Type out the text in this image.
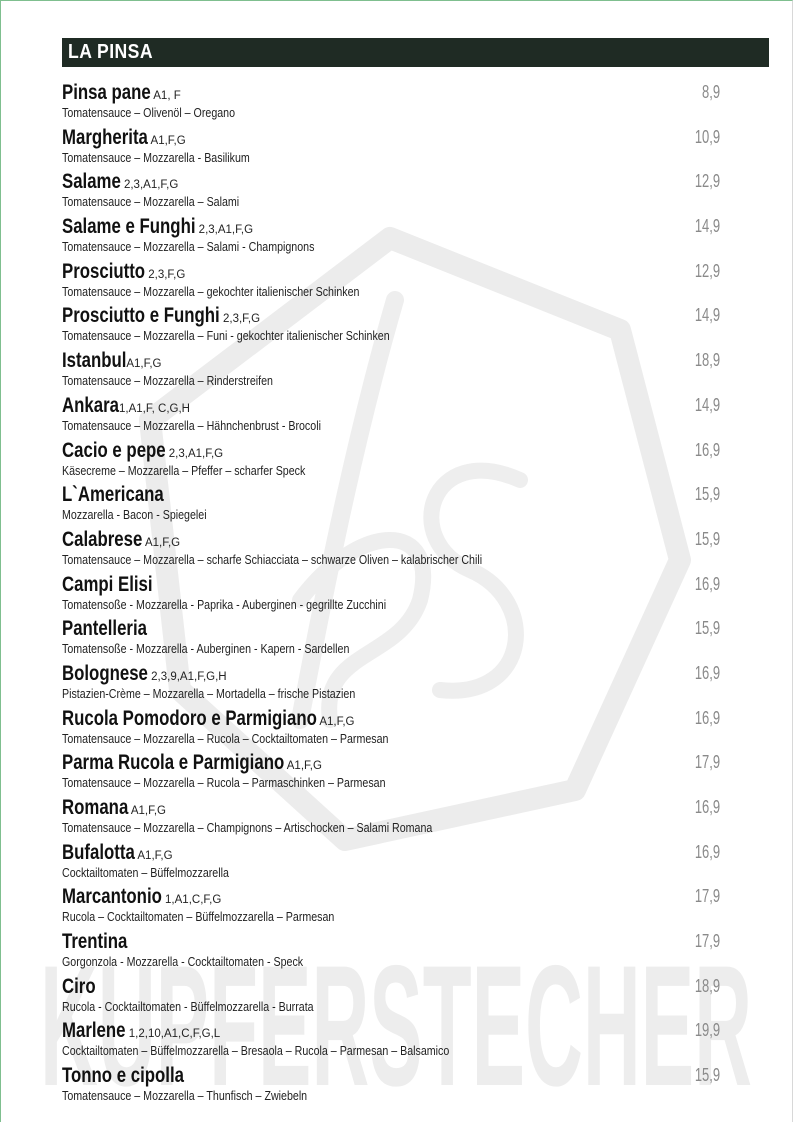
KUPFERSTECHER
LA PINSA
Pinsa pane A1, F
Tomatensauce – Olivenöl – Oregano
8,9
Margherita A1,F,G
Tomatensauce – Mozzarella - Basilikum
10,9
Salame 2,3,A1,F,G
Tomatensauce – Mozzarella – Salami
12,9
Salame e Funghi 2,3,A1,F,G
Tomatensauce – Mozzarella – Salami - Champignons
14,9
Prosciutto 2,3,F,G
Tomatensauce – Mozzarella – gekochter italienischer Schinken
12,9
Prosciutto e Funghi 2,3,F,G
Tomatensauce – Mozzarella – Funi - gekochter italienischer Schinken
14,9
IstanbulA1,F,G
Tomatensauce – Mozzarella – Rinderstreifen
18,9
Ankara1,A1,F, C,G,H
Tomatensauce – Mozzarella – Hähnchenbrust - Brocoli
14,9
Cacio e pepe 2,3,A1,F,G
Käsecreme – Mozzarella – Pfeffer – scharfer Speck
16,9
L`Americana
Mozzarella - Bacon - Spiegelei
15,9
Calabrese A1,F,G
Tomatensauce – Mozzarella – scharfe Schiacciata – schwarze Oliven – kalabrischer Chili
15,9
Campi Elisi
Tomatensoße - Mozzarella - Paprika - Auberginen - gegrillte Zucchini
16,9
Pantelleria
Tomatensoße - Mozzarella - Auberginen - Kapern - Sardellen
15,9
Bolognese 2,3,9,A1,F,G,H
Pistazien-Crème – Mozzarella – Mortadella – frische Pistazien
16,9
Rucola Pomodoro e Parmigiano A1,F,G
Tomatensauce – Mozzarella – Rucola – Cocktailtomaten – Parmesan
16,9
Parma Rucola e Parmigiano A1,F,G
Tomatensauce – Mozzarella – Rucola – Parmaschinken – Parmesan
17,9
Romana A1,F,G
Tomatensauce – Mozzarella – Champignons – Artischocken – Salami Romana
16,9
Bufalotta A1,F,G
Cocktailtomaten – Büffelmozzarella
16,9
Marcantonio 1,A1,C,F,G
Rucola – Cocktailtomaten – Büffelmozzarella – Parmesan
17,9
Trentina
Gorgonzola - Mozzarella - Cocktailtomaten - Speck
17,9
Ciro
Rucola - Cocktailtomaten - Büffelmozzarella - Burrata
18,9
Marlene 1,2,10,A1,C,F,G,L
Cocktailtomaten – Büffelmozzarella – Bresaola – Rucola – Parmesan – Balsamico
19,9
Tonno e cipolla
Tomatensauce – Mozzarella – Thunfisch – Zwiebeln
15,9
